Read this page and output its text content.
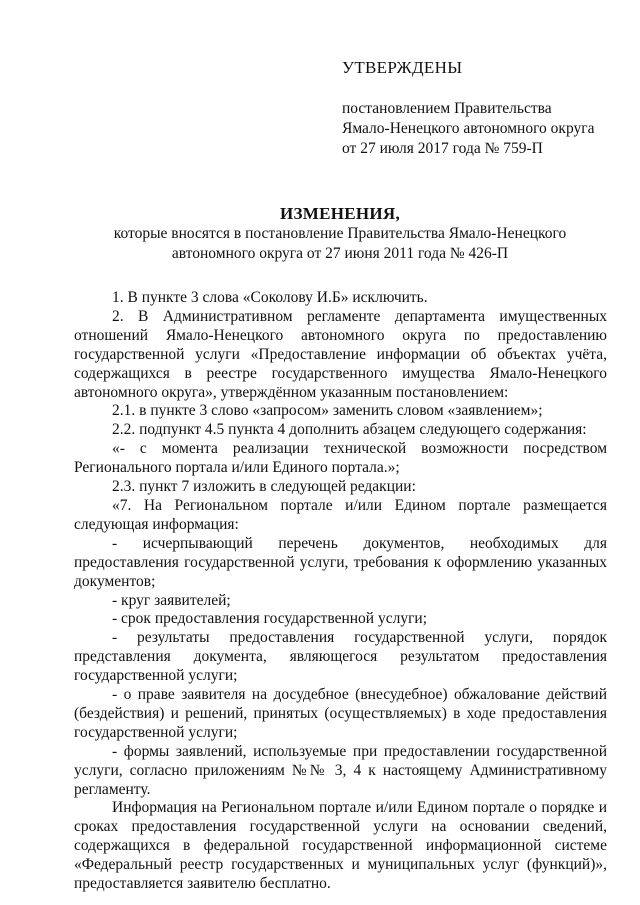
УТВЕРЖДЕНЫ
постановлением Правительства
Ямало-Ненецкого автономного округа
от 27 июля 2017 года № 759-П
ИЗМЕНЕНИЯ,
которые вносятся в постановление Правительства Ямало-Ненецкого
автономного округа от 27 июня 2011 года № 426-П

1. В пункте 3 слова «Соколову И.Б» исключить.

2. В Административном регламенте департамента имущественных отношений Ямало-Ненецкого автономного округа по предоставлению государственной услуги «Предоставление информации об объектах учёта, содержащихся в реестре государственного имущества Ямало-Ненецкого автономного округа», утверждённом указанным постановлением:

2.1. в пункте 3 слово «запросом» заменить словом «заявлением»;

2.2. подпункт 4.5 пункта 4 дополнить абзацем следующего содержания:

«- с момента реализации технической возможности посредством Регионального портала и/или Единого портала.»;

2.3. пункт 7 изложить в следующей редакции:

«7. На Региональном портале и/или Едином портале размещается следующая информация:

- исчерпывающий перечень документов, необходимых для предоставления государственной услуги, требования к оформлению указанных документов;

- круг заявителей;

- срок предоставления государственной услуги;

- результаты предоставления государственной услуги, порядок представления документа, являющегося результатом предоставления государственной услуги;

- о праве заявителя на досудебное (внесудебное) обжалование действий (бездействия) и решений, принятых (осуществляемых) в ходе предоставления государственной услуги;

- формы заявлений, используемые при предоставлении государственной услуги, согласно приложениям №№ 3, 4 к настоящему Административному регламенту.

Информация на Региональном портале и/или Едином портале о порядке и сроках предоставления государственной услуги на основании сведений, содержащихся в федеральной государственной информационной системе «Федеральный реестр государственных и муниципальных услуг (функций)», предоставляется заявителю бесплатно.
